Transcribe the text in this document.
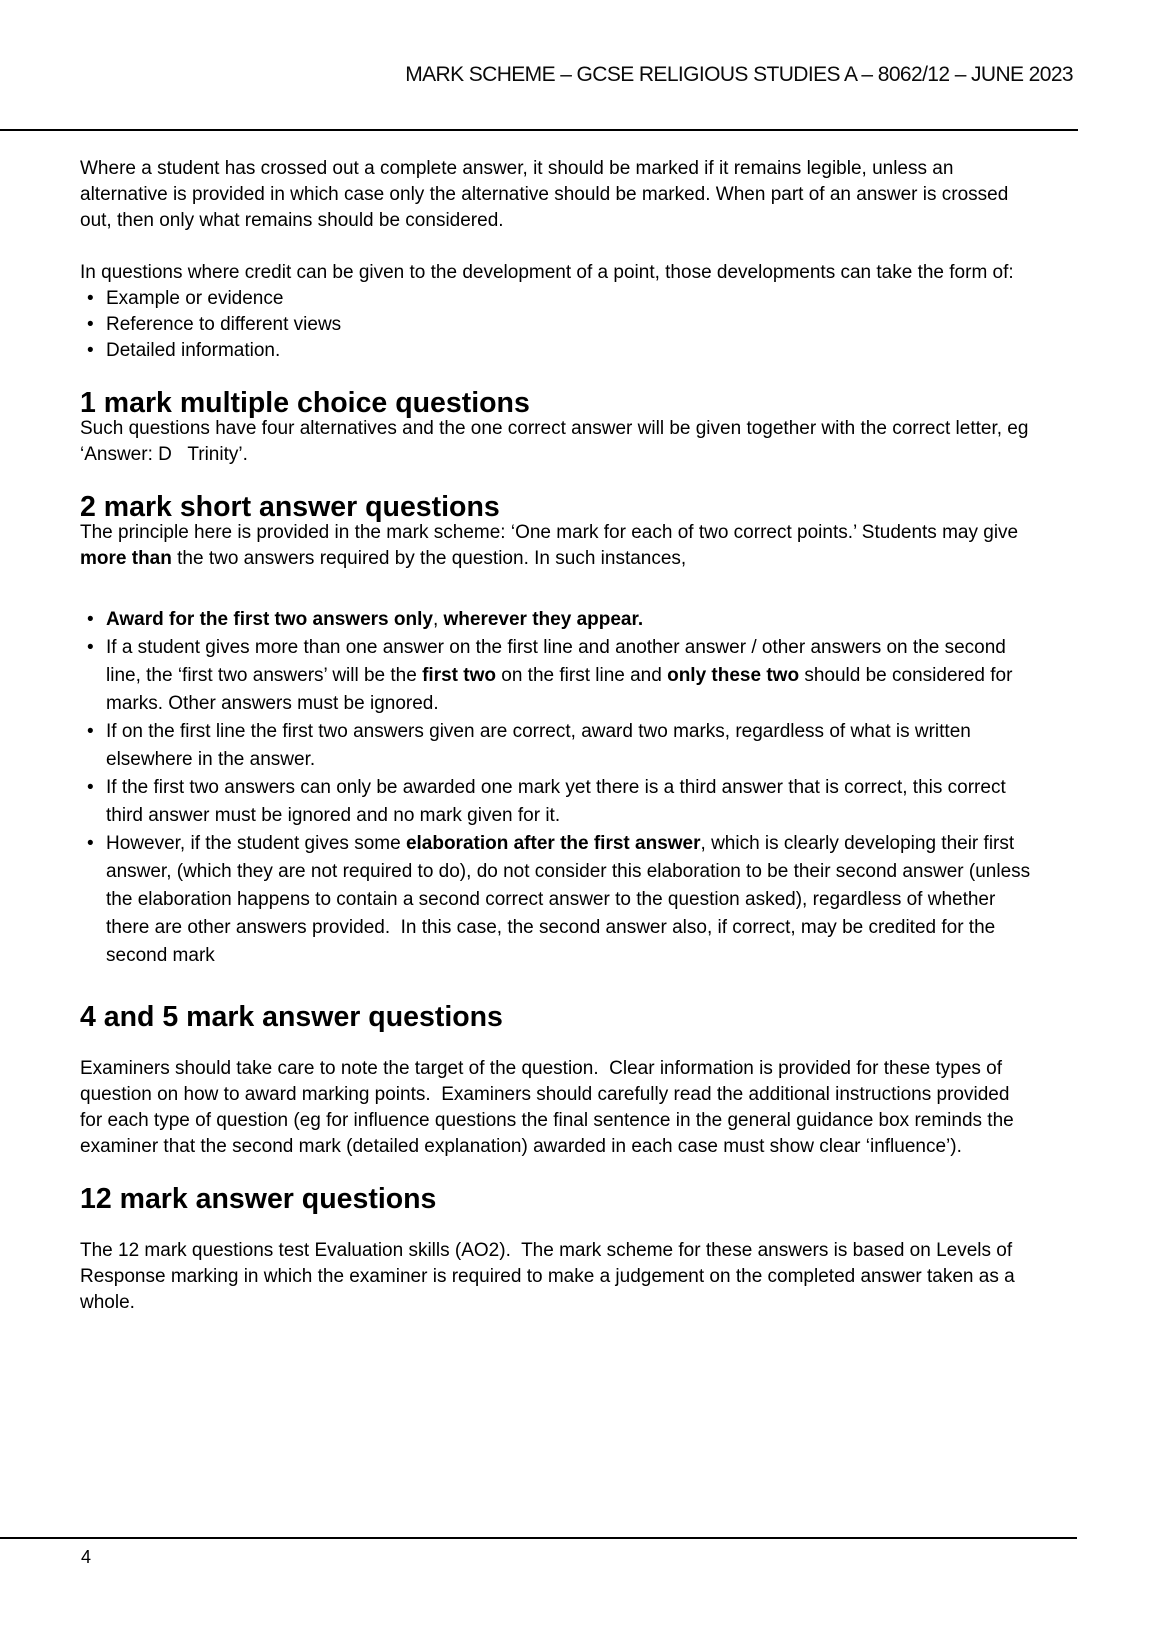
MARK SCHEME – GCSE RELIGIOUS STUDIES A – 8062/12 – JUNE 2023

Where a student has crossed out a complete answer, it should be marked if it remains legible, unless an alternative is provided in which case only the alternative should be marked. When part of an answer is crossed out, then only what remains should be considered.

In questions where credit can be given to the development of a point, those developments can take the form of:

• Example or evidence
• Reference to different views
• Detailed information.
1 mark multiple choice questions

Such questions have four alternatives and the one correct answer will be given together with the correct letter, eg ‘Answer: D   Trinity’.

2 mark short answer questions

The principle here is provided in the mark scheme: ‘One mark for each of two correct points.’ Students may give more than the two answers required by the question. In such instances,

• Award for the first two answers only, wherever they appear.
• If a student gives more than one answer on the first line and another answer / other answers on the second line, the ‘first two answers’ will be the first two on the first line and only these two should be considered for marks. Other answers must be ignored.
• If on the first line the first two answers given are correct, award two marks, regardless of what is written elsewhere in the answer.
• If the first two answers can only be awarded one mark yet there is a third answer that is correct, this correct third answer must be ignored and no mark given for it.
• However, if the student gives some elaboration after the first answer, which is clearly developing their first answer, (which they are not required to do), do not consider this elaboration to be their second answer (unless the elaboration happens to contain a second correct answer to the question asked), regardless of whether there are other answers provided.  In this case, the second answer also, if correct, may be credited for the second mark
4 and 5 mark answer questions

Examiners should take care to note the target of the question.  Clear information is provided for these types of question on how to award marking points.  Examiners should carefully read the additional instructions provided for each type of question (eg for influence questions the final sentence in the general guidance box reminds the examiner that the second mark (detailed explanation) awarded in each case must show clear ‘influence’).

12 mark answer questions

The 12 mark questions test Evaluation skills (AO2).  The mark scheme for these answers is based on Levels of Response marking in which the examiner is required to make a judgement on the completed answer taken as a whole.

4
